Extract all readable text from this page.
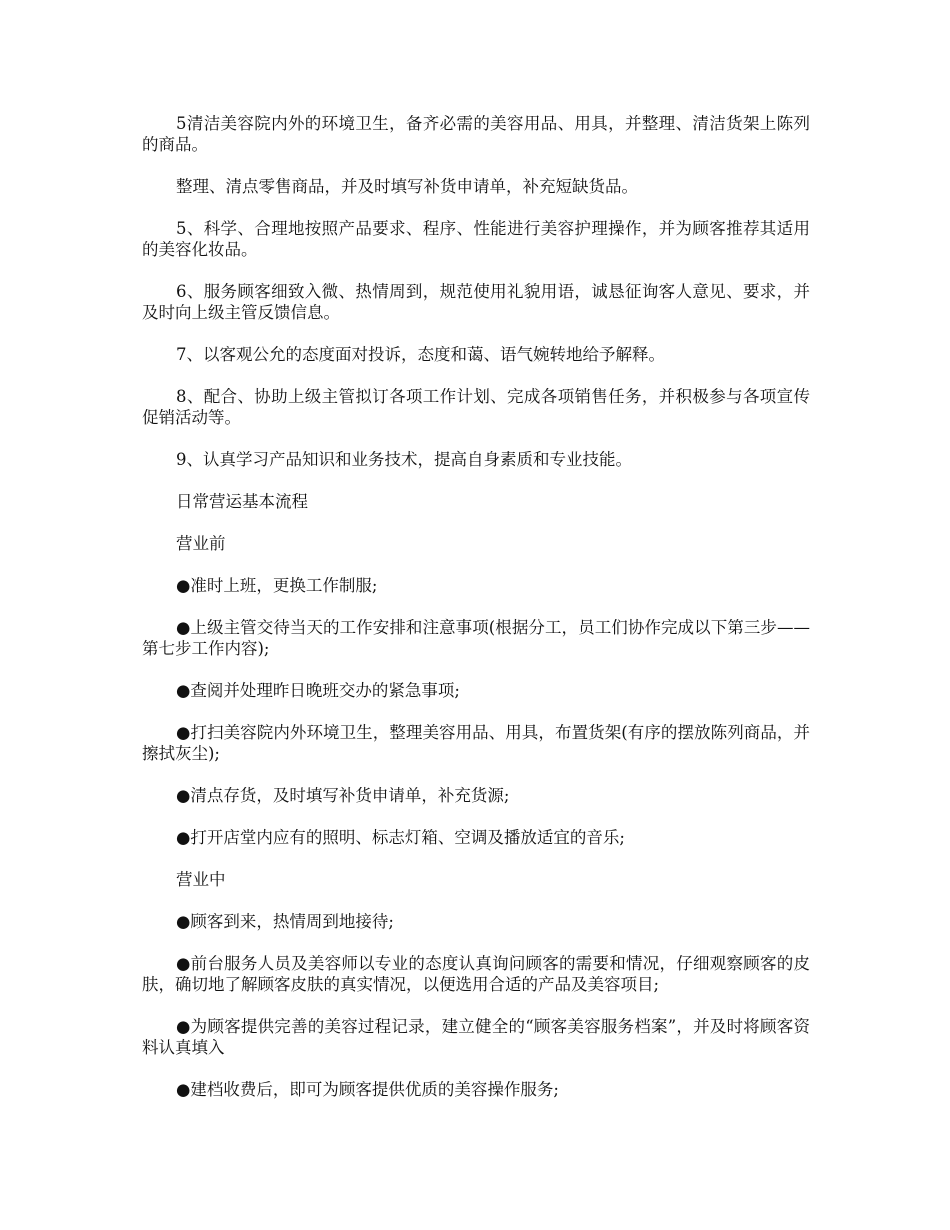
5清洁美容院内外的环境卫生，备齐必需的美容用品、用具，并整理、清洁货架上陈列的商品。

整理、清点零售商品，并及时填写补货申请单，补充短缺货品。

5、科学、合理地按照产品要求、程序、性能进行美容护理操作，并为顾客推荐其适用的美容化妆品。

6、服务顾客细致入微、热情周到，规范使用礼貌用语，诚恳征询客人意见、要求，并及时向上级主管反馈信息。

7、以客观公允的态度面对投诉，态度和蔼、语气婉转地给予解释。

8、配合、协助上级主管拟订各项工作计划、完成各项销售任务，并积极参与各项宣传促销活动等。

9、认真学习产品知识和业务技术，提高自身素质和专业技能。

日常营运基本流程

营业前

●准时上班，更换工作制服;

●上级主管交待当天的工作安排和注意事项(根据分工，员工们协作完成以下第三步——第七步工作内容);

●查阅并处理昨日晚班交办的紧急事项;

●打扫美容院内外环境卫生，整理美容用品、用具，布置货架(有序的摆放陈列商品，并擦拭灰尘);

●清点存货，及时填写补货申请单，补充货源;

●打开店堂内应有的照明、标志灯箱、空调及播放适宜的音乐;

营业中

●顾客到来，热情周到地接待;

●前台服务人员及美容师以专业的态度认真询问顾客的需要和情况，仔细观察顾客的皮肤，确切地了解顾客皮肤的真实情况，以便选用合适的产品及美容项目;

●为顾客提供完善的美容过程记录，建立健全的“顾客美容服务档案”，并及时将顾客资料认真填入

●建档收费后，即可为顾客提供优质的美容操作服务;
